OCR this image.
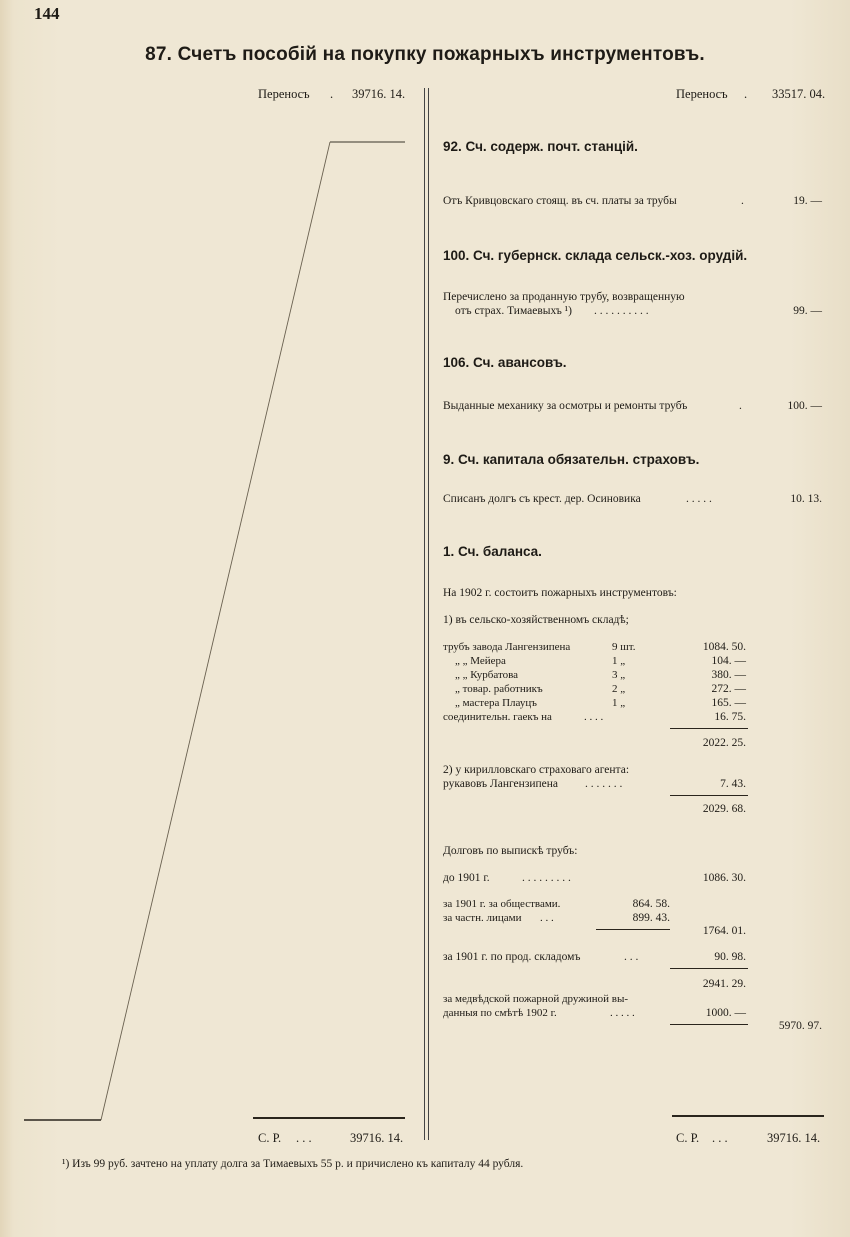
144
87. Счетъ пособій на покупку пожарныхъ инструментовъ.
Переносъ . 39716. 14.
С. Р. . . .	39716. 14.
Переносъ . 33517. 04.
92. Сч. содерж. почт. станцій.
Отъ Кривцовскаго стоящ. въ сч. платы за трубы	.	19. —
100. Сч. губернск. склада сельск.-хоз. орудій.
Перечислено за проданную трубу, возвращенную
отъ страх. Тимаевыхъ ¹) . . . . . . . . . .	99. —
106. Сч. авансовъ.
Выданные механику за осмотры и ремонты трубъ	.	100. —
9. Сч. капитала обязательн. страховъ.
Списанъ долгъ съ крест. дер. Осиновика	. . . . .	10. 13.
1. Сч. баланса.
На 1902 г. состоитъ пожарныхъ инструментовъ:
1) въ сельско-хозяйственномъ складѣ;
трубъ завода Лангензипена	9 шт.	1084. 50.
„ „ Мейера	1 „	104. —
„ „ Курбатова	3 „	380. —
„ товар. работникъ	2 „	272. —
„ мастера Плауцъ	1 „	165. —
соединительн. гаекъ на	. . . .	16. 75.
2022. 25.
2) у кирилловскаго страховаго агента:
рукавовъ Лангензипена . . . . . . .	7. 43.
2029. 68.
Долговъ по выпискѣ трубъ:
до 1901 г.	. . . . . . . . .	1086. 30.
за 1901 г. за обществами.	864. 58.
за частн. лицами . . .	899. 43.
1764. 01.
за 1901 г. по прод. складомъ	. . .	90. 98.
2941. 29.
за медвѣдской пожарной дружиной вы-
данныя по смѣтѣ 1902 г.	. . . . .	1000. —
5970. 97.
С. Р. . . .	39716. 14.
¹) Изъ 99 руб. зачтено на уплату долга за Тимаевыхъ 55 р. и причислено къ капиталу 44 рубля.
